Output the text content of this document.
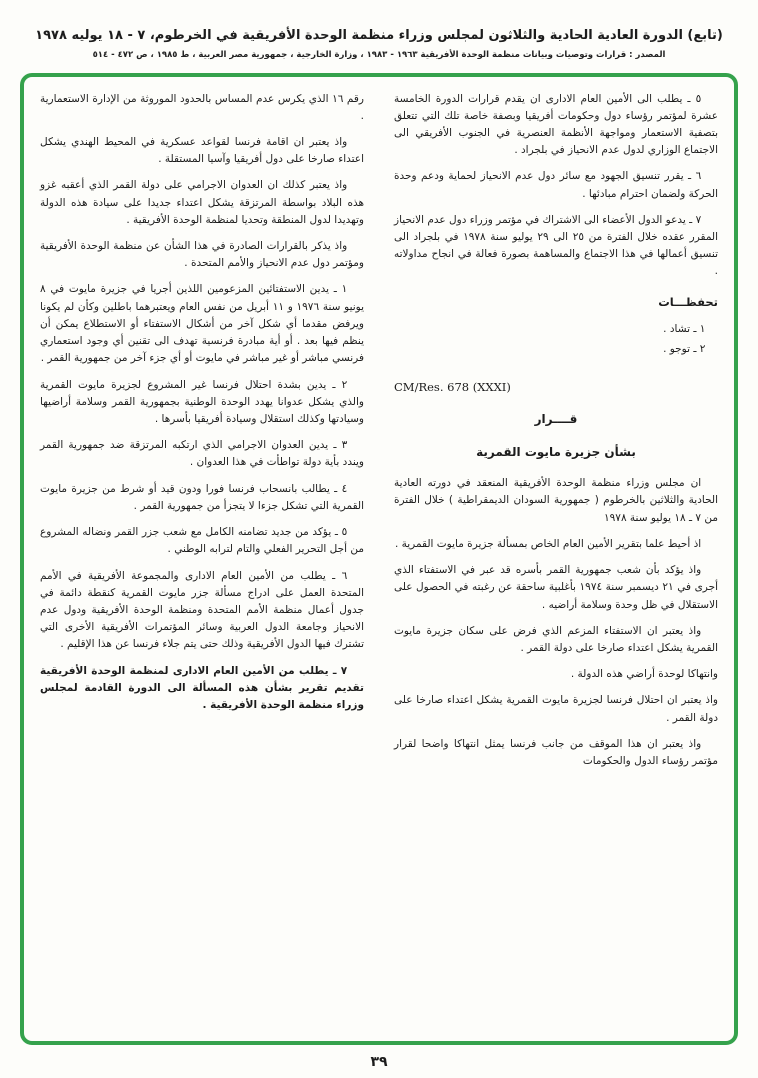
(تابع) الدورة العادية الحادية والثلاثون لمجلس وزراء منظمة الوحدة الأفريقية في الخرطوم، ٧ - ١٨ يوليه ١٩٧٨
المصدر : قرارات وتوصيات وبيانات منظمة الوحدة الأفريقية ١٩٦٣ - ١٩٨٣ ، وزارة الخارجية ، جمهورية مصر العربية ، ط ١٩٨٥ ، ص ٤٧٢ - ٥١٤

٥ ـ يطلب الى الأمين العام الادارى ان يقدم قرارات الدورة الخامسة عشرة لمؤتمر رؤساء دول وحكومات أفريقيا وبصفة خاصة تلك التي تتعلق بتصفية الاستعمار ومواجهة الأنظمة العنصرية في الجنوب الأفريقي الى الاجتماع الوزاري لدول عدم الانحياز في بلجراد .

٦ ـ يقرر تنسيق الجهود مع سائر دول عدم الانحياز لحماية ودعم وحدة الحركة ولضمان احترام مبادئها .

٧ ـ يدعو الدول الأعضاء الى الاشتراك في مؤتمر وزراء دول عدم الانحياز المقرر عقده خلال الفترة من ٢٥ الى ٢٩ يوليو سنة ١٩٧٨ في بلجراد الى تنسيق أعمالها في هذا الاجتماع والمساهمة بصورة فعالة في انجاح مداولاته .

تحفظـــات

١ ـ تشاد .

٢ ـ توجو .

CM/Res. 678 (XXXI)

قــــرار

بشأن جزيرة مايوت القمرية

ان مجلس وزراء منظمة الوحدة الأفريقية المنعقد في دورته العادية الحادية والثلاثين بالخرطوم ( جمهورية السودان الديمقراطية ) خلال الفترة من ٧ ـ ١٨ يوليو سنة ١٩٧٨

اذ أحيط علما بتقرير الأمين العام الخاص بمسألة جزيرة مايوت القمرية .

واذ يؤكد بأن شعب جمهورية القمر بأسره قد عبر في الاستفتاء الذي أجرى في ٢١ ديسمبر سنة ١٩٧٤ بأغلبية ساحقة عن رغبته في الحصول على الاستقلال في ظل وحدة وسلامة أراضيه .

واذ يعتبر ان الاستفتاء المزعم الذي فرض على سكان جزيرة مايوت القمرية يشكل اعتداء صارخا على دولة القمر .

وانتهاكا لوحدة أراضي هذه الدولة .

واذ يعتبر ان احتلال فرنسا لجزيرة مايوت القمرية يشكل اعتداء صارخا على دولة القمر .

واذ يعتبر ان هذا الموقف من جانب فرنسا يمثل انتهاكا واضحا لقرار مؤتمر رؤساء الدول والحكومات

رقم ١٦ الذي يكرس عدم المساس بالحدود الموروثة من الإدارة الاستعمارية .

واذ يعتبر ان اقامة فرنسا لقواعد عسكرية في المحيط الهندي يشكل اعتداء صارخا على دول أفريقيا وآسيا المستقلة .

واذ يعتبر كذلك ان العدوان الاجرامي على دولة القمر الذي أعقبه غزو هذه البلاد بواسطة المرتزقة يشكل اعتداء جديدا على سيادة هذه الدولة وتهديدا لدول المنطقة وتحديا لمنظمة الوحدة الأفريقية .

واذ يذكر بالقرارات الصادرة في هذا الشأن عن منظمة الوحدة الأفريقية ومؤتمر دول عدم الانحياز والأمم المتحدة .

١ ـ يدين الاستفتائين المزعومين اللذين أجريا في جزيرة مايوت في ٨ يونيو سنة ١٩٧٦ و ١١ أبريل من نفس العام ويعتبرهما باطلين وكأن لم يكونا ويرفض مقدما أي شكل آخر من أشكال الاستفتاء أو الاستطلاع يمكن أن ينظم فيها بعد . أو أية مبادرة فرنسية تهدف الى تقنين أي وجود استعماري فرنسي مباشر أو غير مباشر في مايوت أو أي جزء آخر من جمهورية القمر .

٢ ـ يدين بشدة احتلال فرنسا غير المشروع لجزيرة مايوت القمرية والذي يشكل عدوانا يهدد الوحدة الوطنية بجمهورية القمر وسلامة أراضيها وسيادتها وكذلك استقلال وسيادة أفريقيا بأسرها .

٣ ـ يدين العدوان الاجرامي الذي ارتكبه المرتزقة ضد جمهورية القمر ويندد بأية دولة تواطأت في هذا العدوان .

٤ ـ يطالب بانسحاب فرنسا فورا ودون قيد أو شرط من جزيرة مايوت القمرية التي تشكل جزءا لا يتجزأ من جمهورية القمر .

٥ ـ يؤكد من جديد تضامنه الكامل مع شعب جزر القمر ونضاله المشروع من أجل التحرير الفعلي والتام لترابه الوطني .

٦ ـ يطلب من الأمين العام الادارى والمجموعة الأفريقية في الأمم المتحدة العمل على ادراج مسألة جزر مايوت القمرية كنقطة دائمة في جدول أعمال منظمة الأمم المتحدة ومنظمة الوحدة الأفريقية ودول عدم الانحياز وجامعة الدول العربية وسائر المؤتمرات الأفريقية الأخرى التي تشترك فيها الدول الأفريقية وذلك حتى يتم جلاء فرنسا عن هذا الإقليم .

٧ ـ يطلب من الأمين العام الادارى لمنظمة الوحدة الأفريقية تقديم تقرير بشأن هذه المسألة الى الدورة القادمة لمجلس وزراء منظمة الوحدة الأفريقية .

٣٩
